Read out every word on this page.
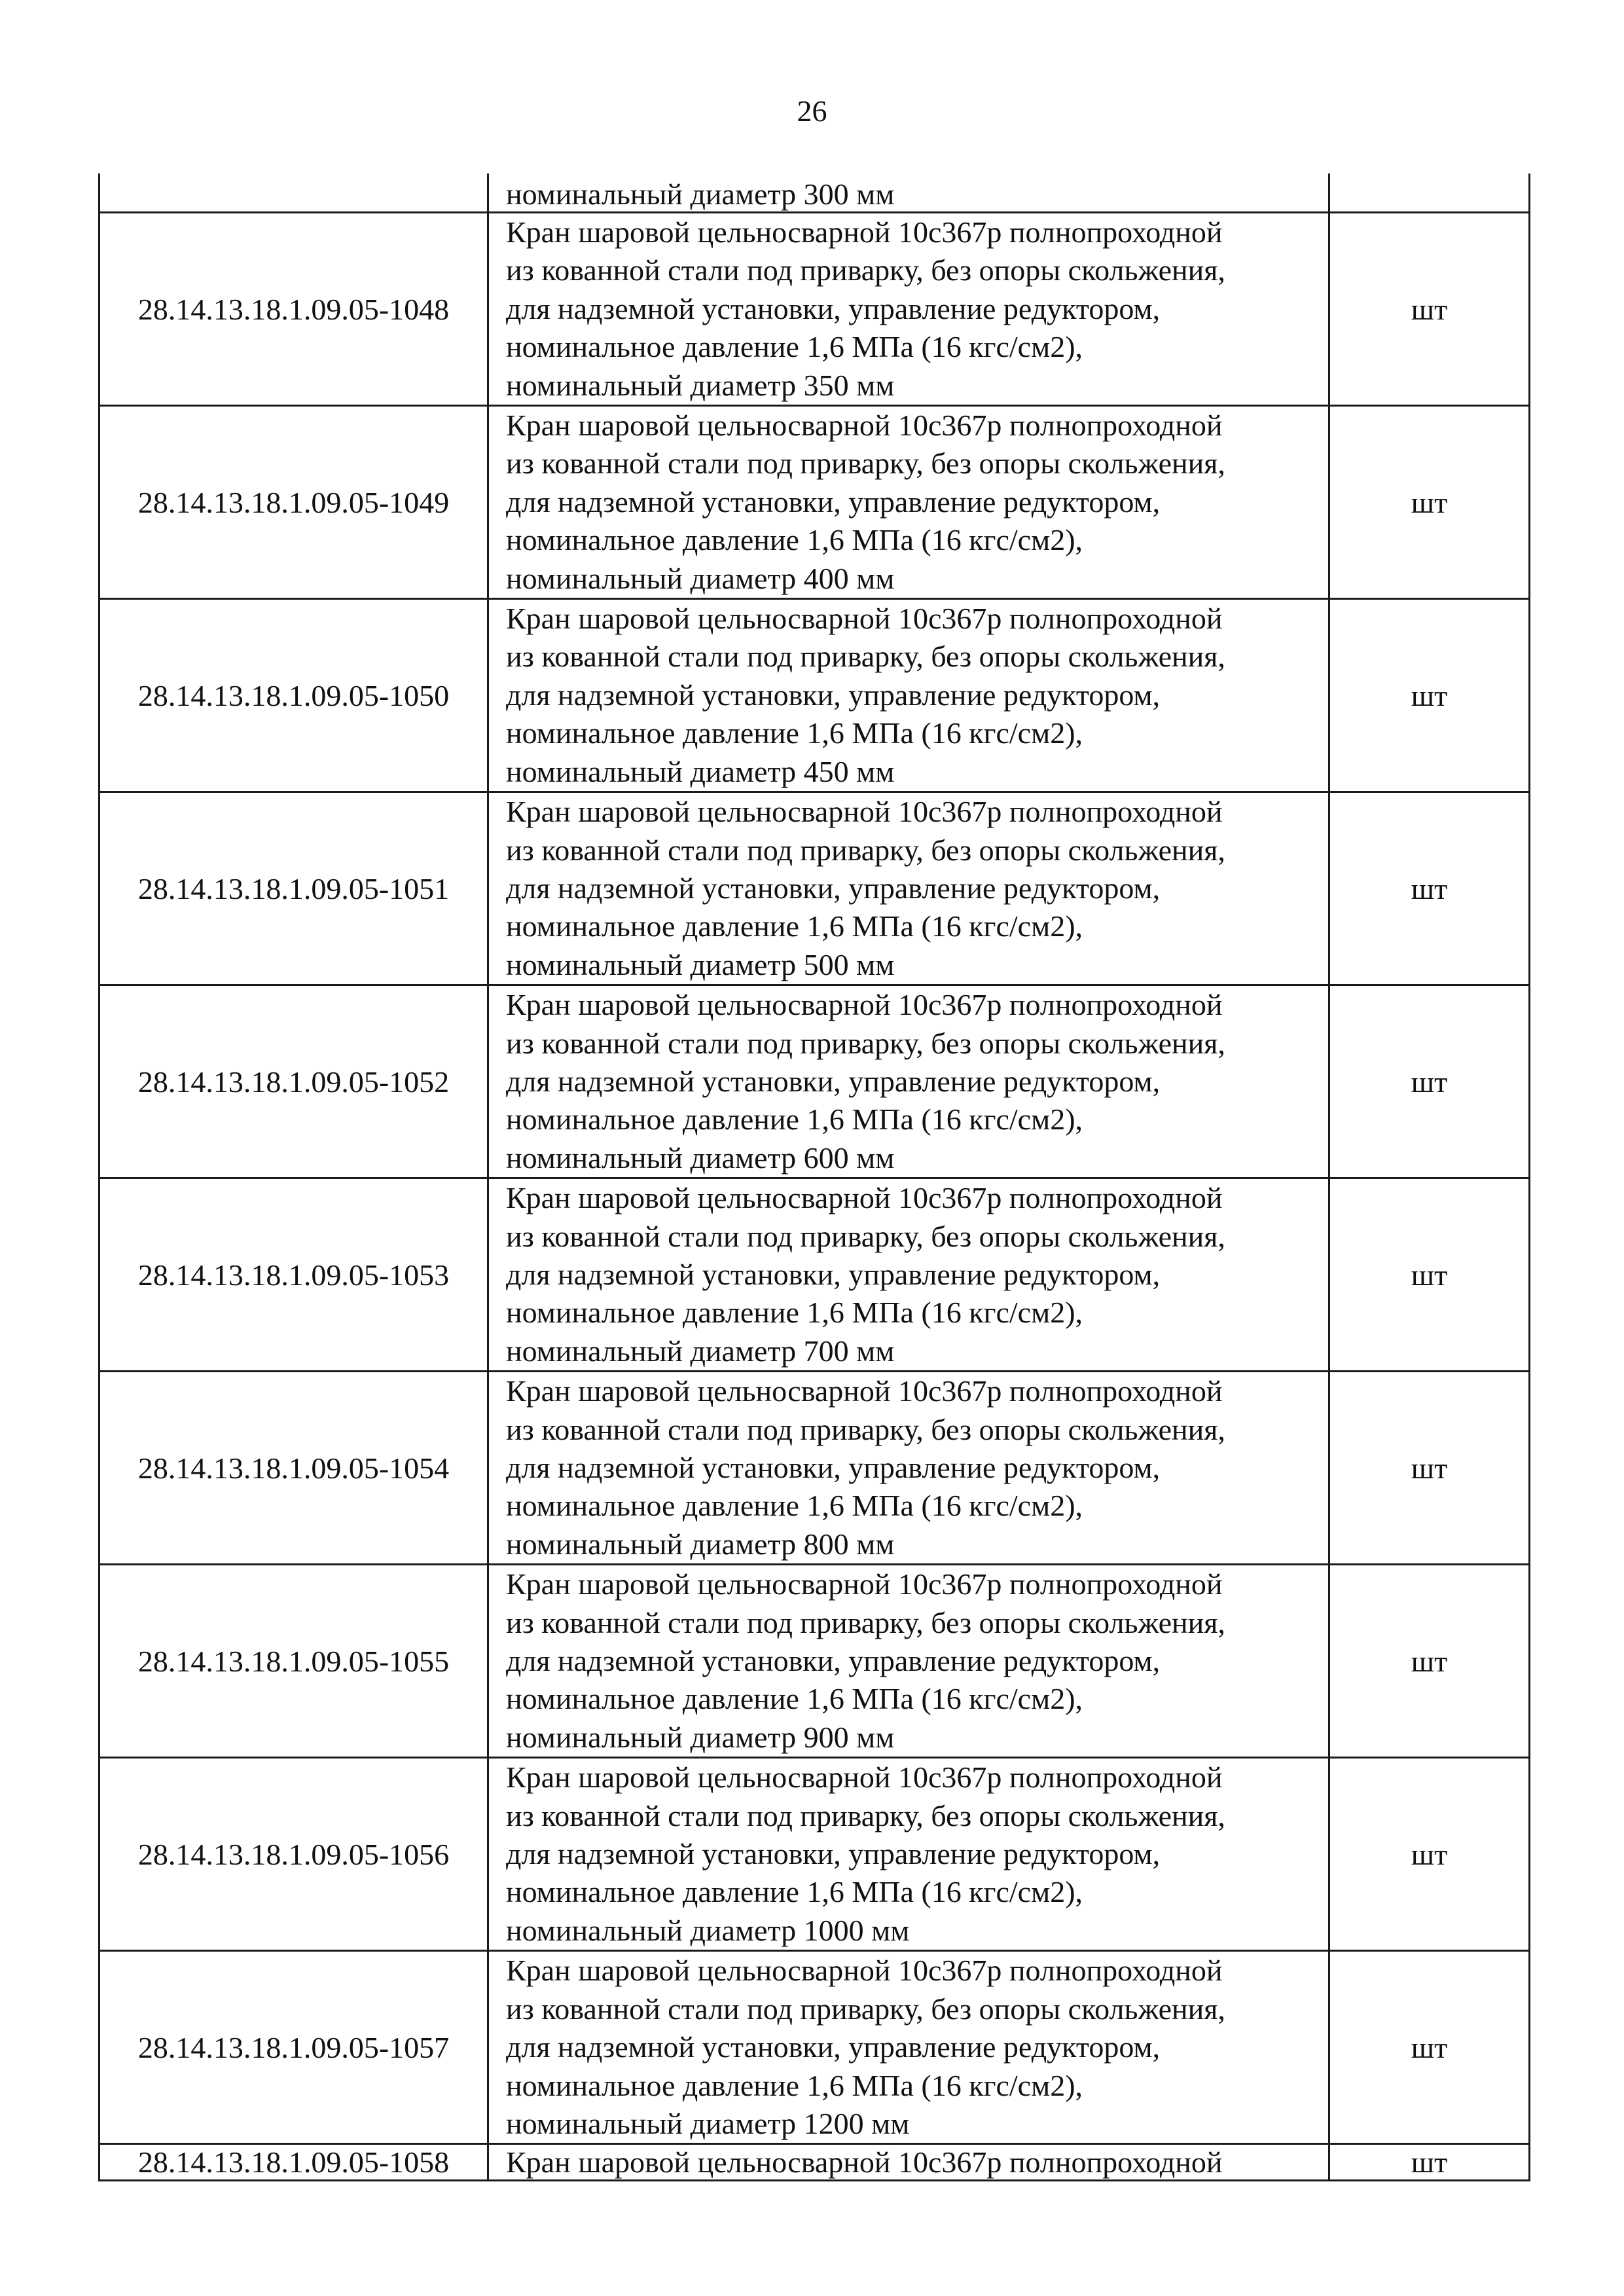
26

	номинальный диаметр 300 мм	

28.14.13.18.1.09.05-1048	Кран шаровой цельносварной 10с367р полнопроходной
из кованной стали под приварку, без опоры скольжения,
для надземной установки, управление редуктором,
номинальное давление 1,6 МПа (16 кгс/см2),
номинальный диаметр 350 мм	шт
28.14.13.18.1.09.05-1049	Кран шаровой цельносварной 10с367р полнопроходной
из кованной стали под приварку, без опоры скольжения,
для надземной установки, управление редуктором,
номинальное давление 1,6 МПа (16 кгс/см2),
номинальный диаметр 400 мм	шт
28.14.13.18.1.09.05-1050	Кран шаровой цельносварной 10с367р полнопроходной
из кованной стали под приварку, без опоры скольжения,
для надземной установки, управление редуктором,
номинальное давление 1,6 МПа (16 кгс/см2),
номинальный диаметр 450 мм	шт
28.14.13.18.1.09.05-1051	Кран шаровой цельносварной 10с367р полнопроходной
из кованной стали под приварку, без опоры скольжения,
для надземной установки, управление редуктором,
номинальное давление 1,6 МПа (16 кгс/см2),
номинальный диаметр 500 мм	шт
28.14.13.18.1.09.05-1052	Кран шаровой цельносварной 10с367р полнопроходной
из кованной стали под приварку, без опоры скольжения,
для надземной установки, управление редуктором,
номинальное давление 1,6 МПа (16 кгс/см2),
номинальный диаметр 600 мм	шт
28.14.13.18.1.09.05-1053	Кран шаровой цельносварной 10с367р полнопроходной
из кованной стали под приварку, без опоры скольжения,
для надземной установки, управление редуктором,
номинальное давление 1,6 МПа (16 кгс/см2),
номинальный диаметр 700 мм	шт
28.14.13.18.1.09.05-1054	Кран шаровой цельносварной 10с367р полнопроходной
из кованной стали под приварку, без опоры скольжения,
для надземной установки, управление редуктором,
номинальное давление 1,6 МПа (16 кгс/см2),
номинальный диаметр 800 мм	шт
28.14.13.18.1.09.05-1055	Кран шаровой цельносварной 10с367р полнопроходной
из кованной стали под приварку, без опоры скольжения,
для надземной установки, управление редуктором,
номинальное давление 1,6 МПа (16 кгс/см2),
номинальный диаметр 900 мм	шт
28.14.13.18.1.09.05-1056	Кран шаровой цельносварной 10с367р полнопроходной
из кованной стали под приварку, без опоры скольжения,
для надземной установки, управление редуктором,
номинальное давление 1,6 МПа (16 кгс/см2),
номинальный диаметр 1000 мм	шт
28.14.13.18.1.09.05-1057	Кран шаровой цельносварной 10с367р полнопроходной
из кованной стали под приварку, без опоры скольжения,
для надземной установки, управление редуктором,
номинальное давление 1,6 МПа (16 кгс/см2),
номинальный диаметр 1200 мм	шт
28.14.13.18.1.09.05-1058	Кран шаровой цельносварной 10с367р полнопроходной	шт
